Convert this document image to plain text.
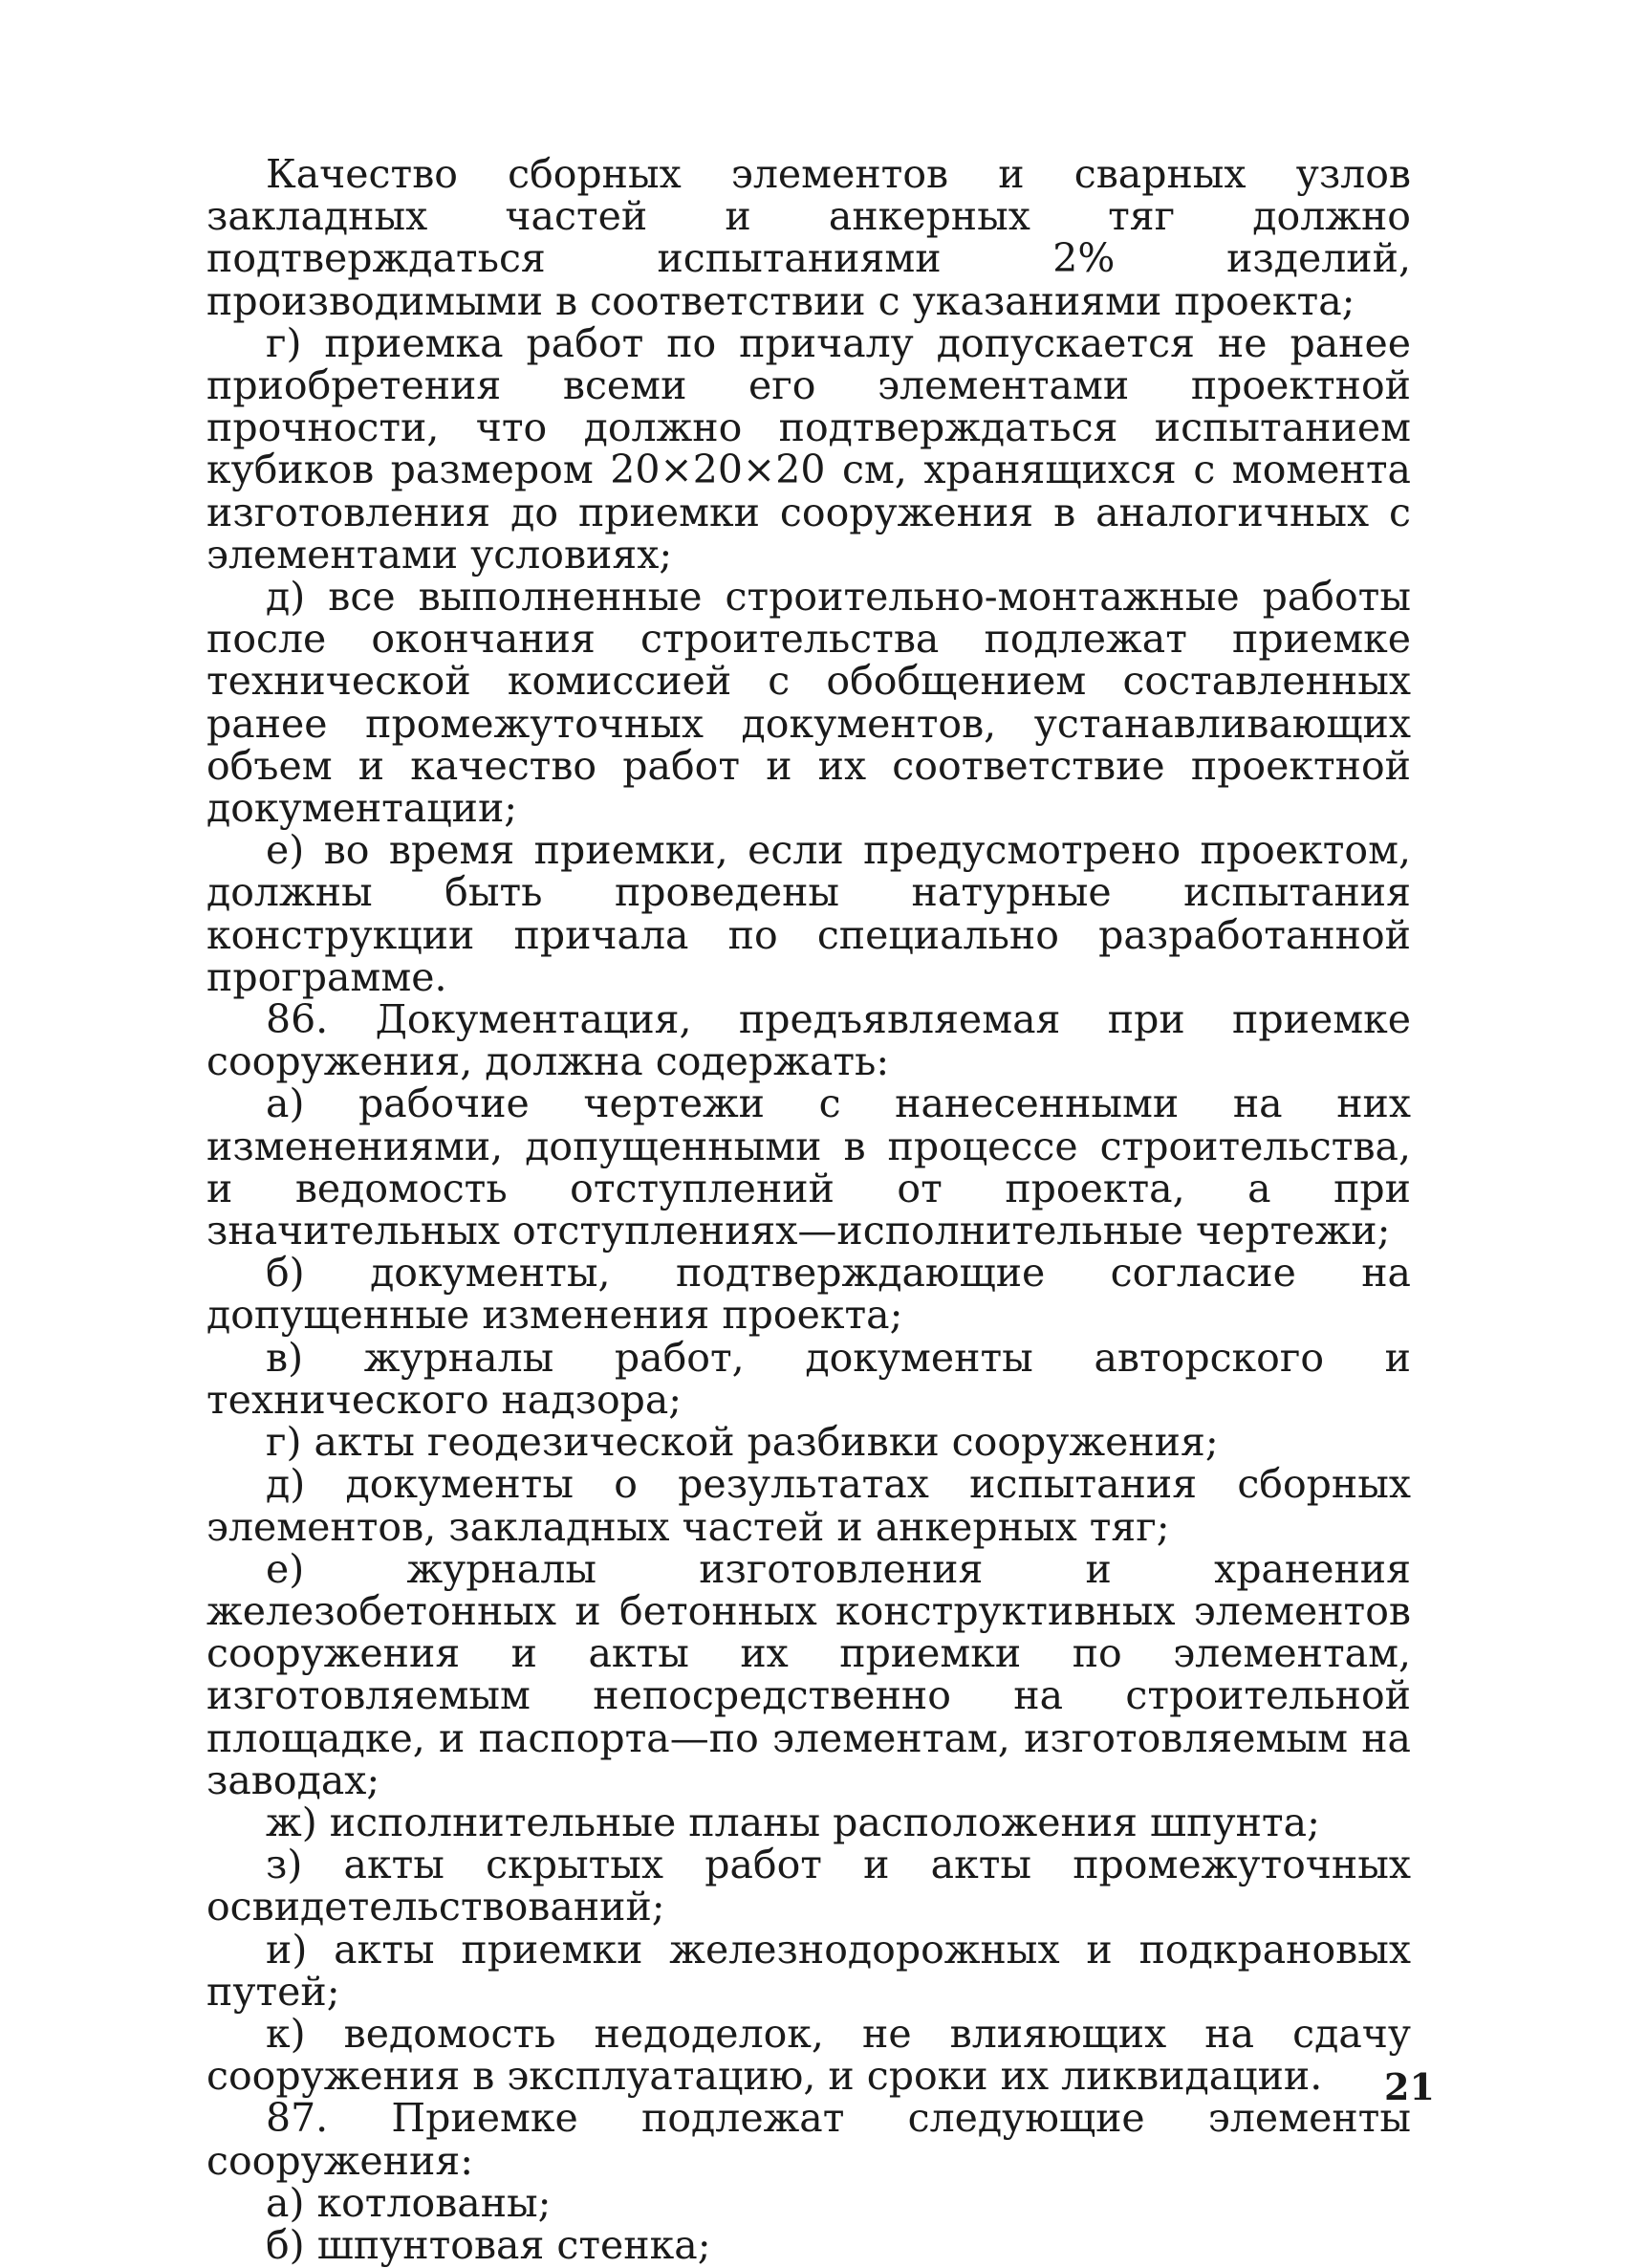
Качество сборных элементов и сварных узлов закладных частей и анкерных тяг должно подтверждаться испытаниями 2% изделий, производимыми в соответствии с указаниями проекта;

г) приемка работ по причалу допускается не ранее приобретения всеми его элементами проектной прочности, что должно подтверждаться испытанием кубиков размером 20×20×20 см, хранящихся с момента изготовления до приемки сооружения в аналогичных с элементами условиях;

д) все выполненные строительно-монтажные работы после окончания строительства подлежат приемке технической комиссией с обобщением составленных ранее промежуточных документов, устанавливающих объем и качество работ и их соответствие проектной документации;

е) во время приемки, если предусмотрено проектом, должны быть проведены натурные испытания конструкции причала по специально разработанной программе.

86. Документация, предъявляемая при приемке сооружения, должна содержать:

а) рабочие чертежи с нанесенными на них изменениями, допущенными в процессе строительства, и ведомость отступлений от проекта, а при значительных отступлениях—исполнительные чертежи;

б) документы, подтверждающие согласие на допущенные изменения проекта;

в) журналы работ, документы авторского и технического надзора;

г) акты геодезической разбивки сооружения;

д) документы о результатах испытания сборных элементов, закладных частей и анкерных тяг;

е) журналы изготовления и хранения железобетонных и бетонных конструктивных элементов сооружения и акты их приемки по элементам, изготовляемым непосредственно на строительной площадке, и паспорта—по элементам, изготовляемым на заводах;

ж) исполнительные планы расположения шпунта;

з) акты скрытых работ и акты промежуточных освидетельствований;

и) акты приемки железнодорожных и подкрановых путей;

к) ведомость недоделок, не влияющих на сдачу сооружения в эксплуатацию, и сроки их ликвидации.

87. Приемке подлежат следующие элементы сооружения:

а) котлованы;

б) шпунтовая стенка;

21
